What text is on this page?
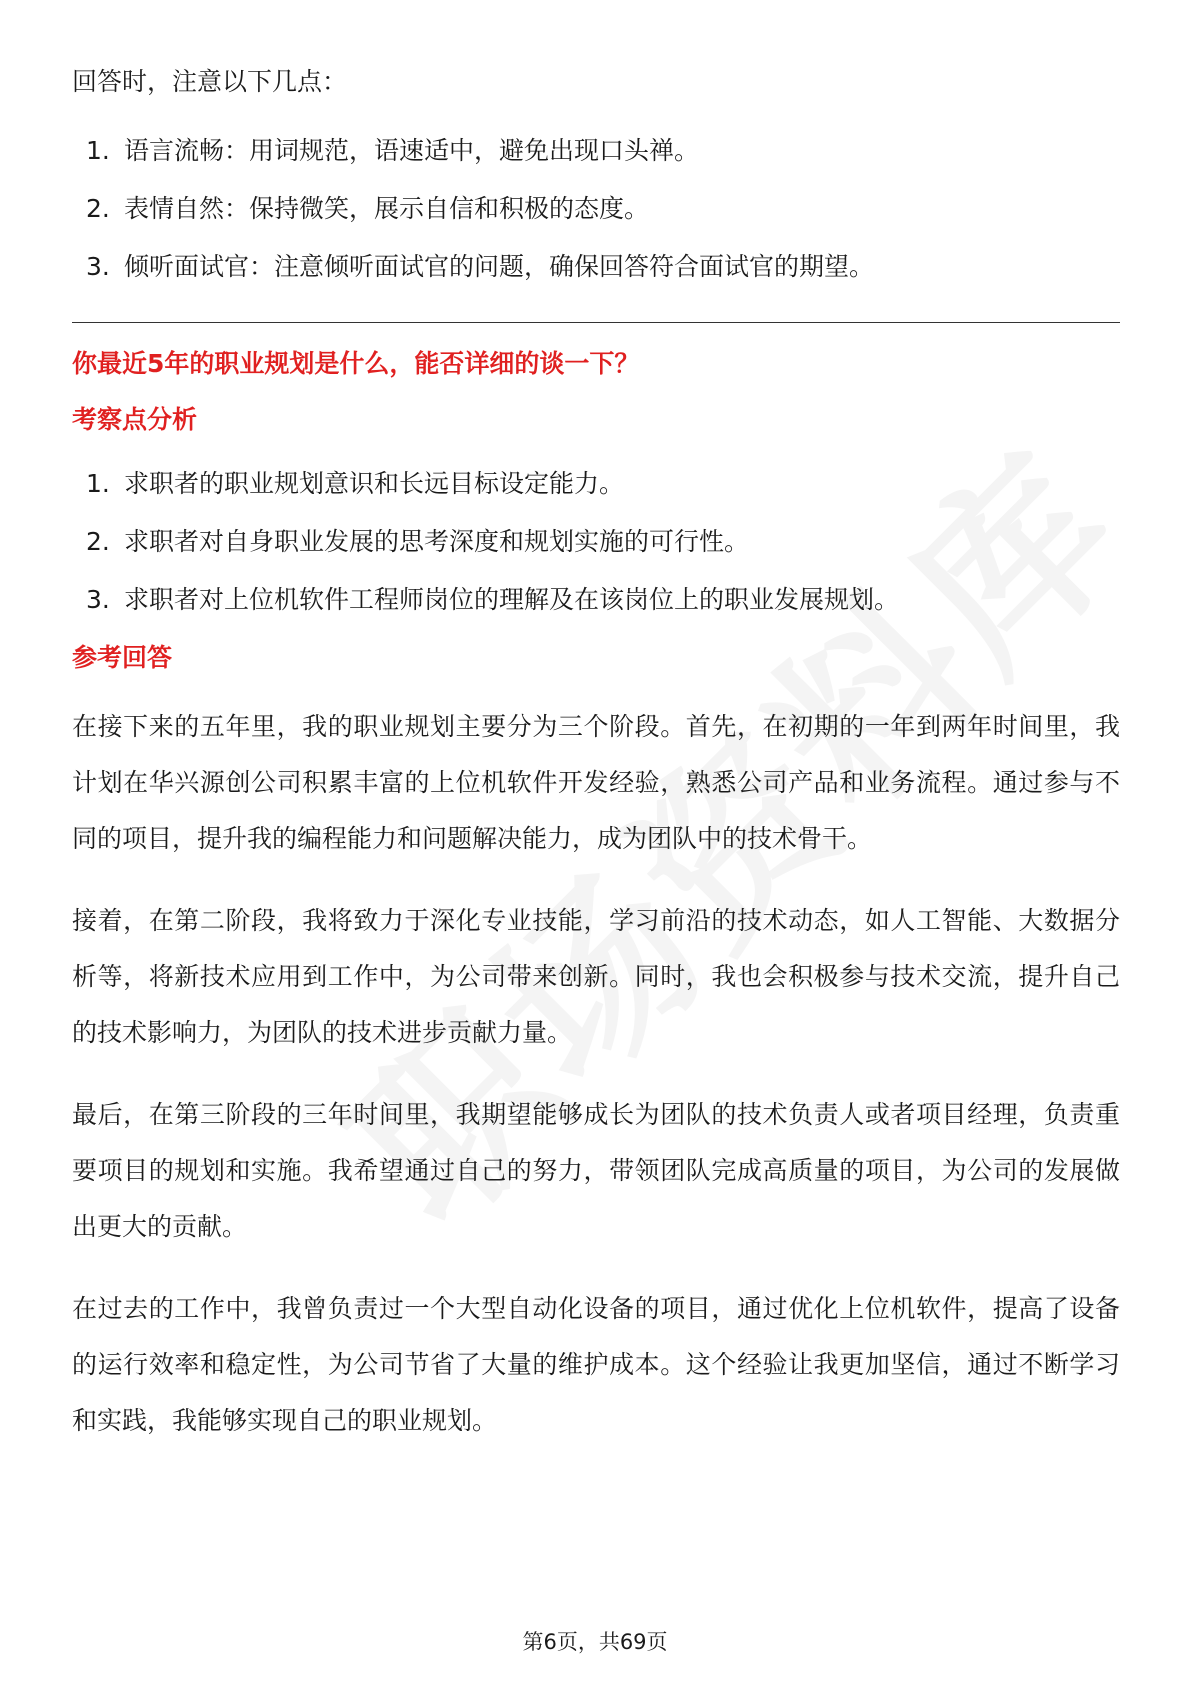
回答时，注意以下几点：

1. 语言流畅：用词规范，语速适中，避免出现口头禅。
2. 表情自然：保持微笑，展示自信和积极的态度。
3. 倾听面试官：注意倾听面试官的问题，确保回答符合面试官的期望。

你最近5年的职业规划是什么，能否详细的谈一下？

考察点分析

1. 求职者的职业规划意识和长远目标设定能力。
2. 求职者对自身职业发展的思考深度和规划实施的可行性。
3. 求职者对上位机软件工程师岗位的理解及在该岗位上的职业发展规划。

参考回答

在接下来的五年里，我的职业规划主要分为三个阶段。首先，在初期的一年到两年时间里，我计划在华兴源创公司积累丰富的上位机软件开发经验，熟悉公司产品和业务流程。通过参与不同的项目，提升我的编程能力和问题解决能力，成为团队中的技术骨干。

接着，在第二阶段，我将致力于深化专业技能，学习前沿的技术动态，如人工智能、大数据分析等，将新技术应用到工作中，为公司带来创新。同时，我也会积极参与技术交流，提升自己的技术影响力，为团队的技术进步贡献力量。

最后，在第三阶段的三年时间里，我期望能够成长为团队的技术负责人或者项目经理，负责重要项目的规划和实施。我希望通过自己的努力，带领团队完成高质量的项目，为公司的发展做出更大的贡献。

在过去的工作中，我曾负责过一个大型自动化设备的项目，通过优化上位机软件，提高了设备的运行效率和稳定性，为公司节省了大量的维护成本。这个经验让我更加坚信，通过不断学习和实践，我能够实现自己的职业规划。

第6页，共69页
